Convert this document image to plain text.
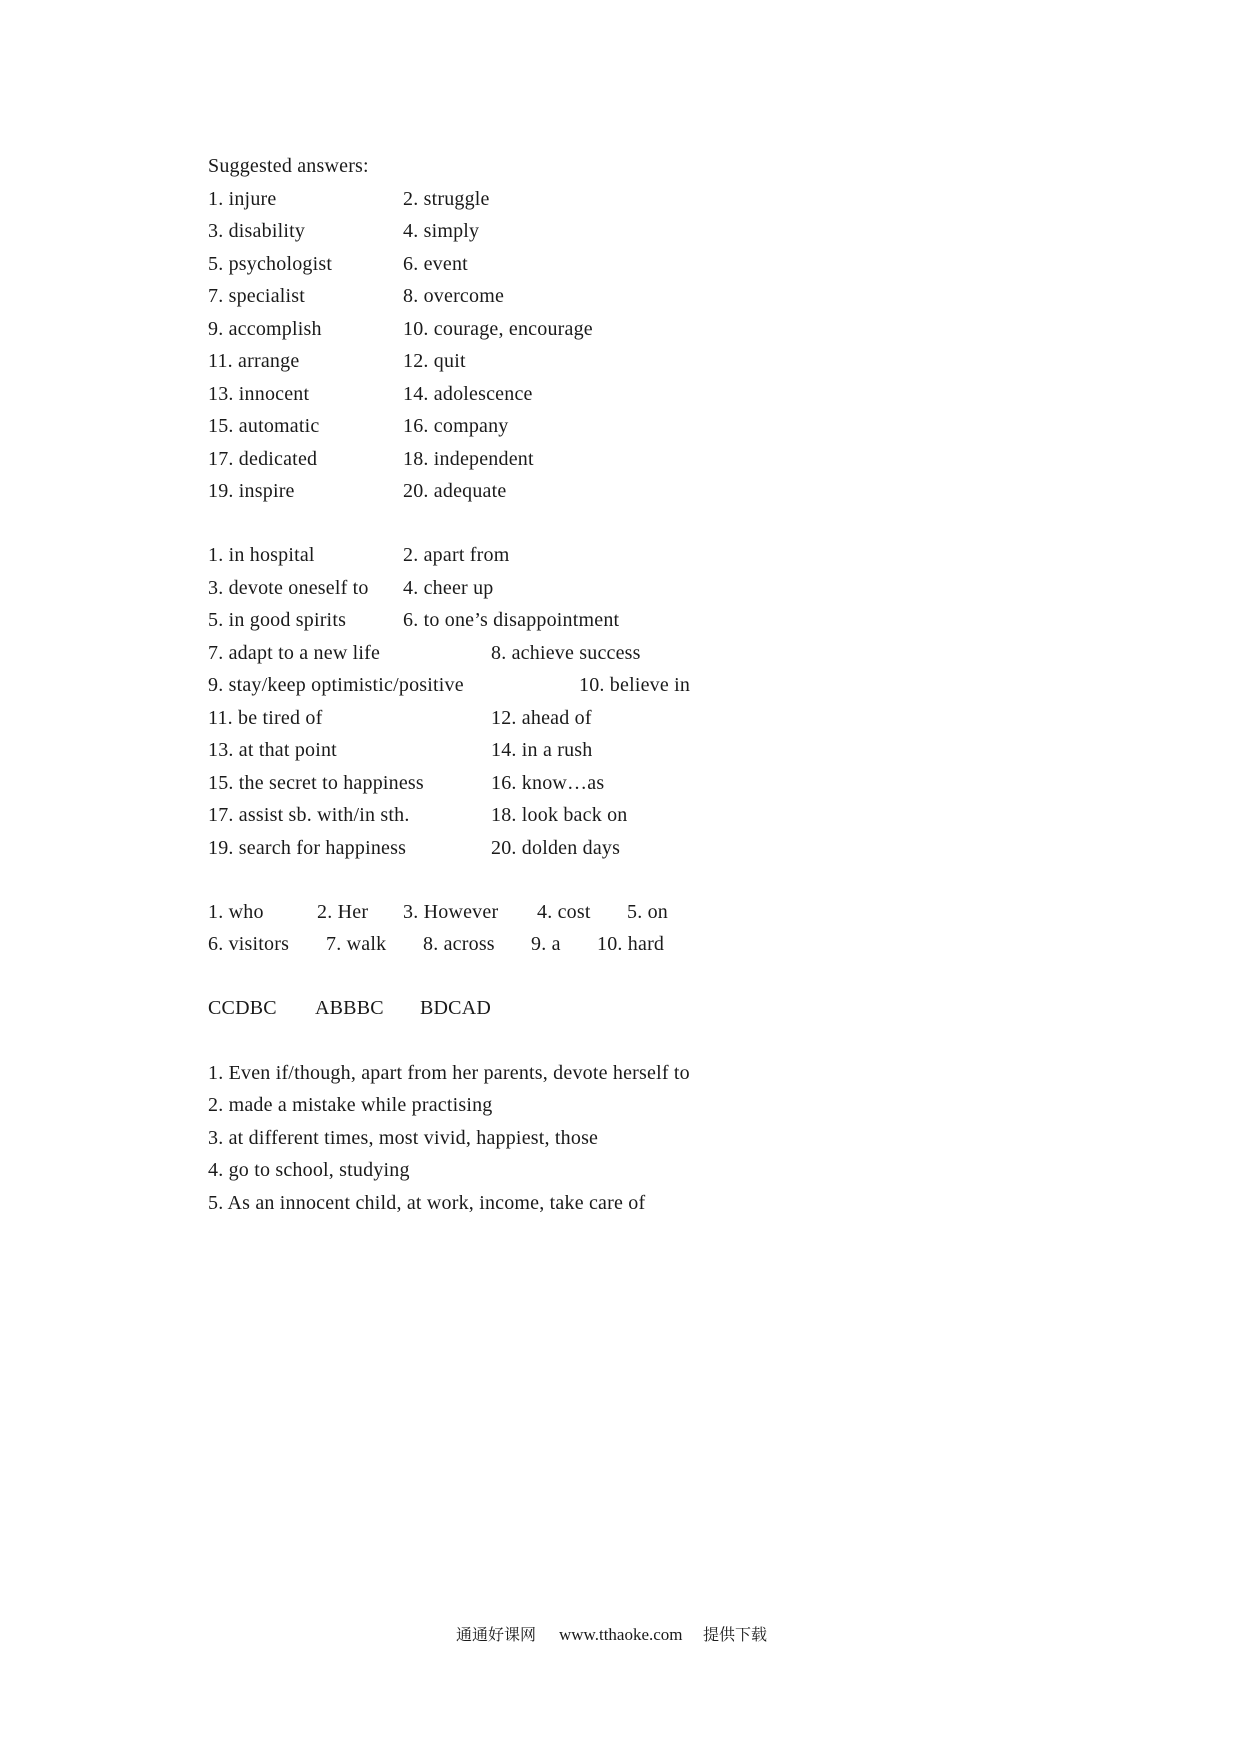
Suggested answers:
1. injure	2. struggle
3. disability	4. simply
5. psychologist	6. event
7. specialist	8. overcome
9. accomplish	10. courage, encourage
11. arrange	12. quit
13. innocent	14. adolescence
15. automatic	16. company
17. dedicated	18. independent
19. inspire	20. adequate
1. in hospital	2. apart from
3. devote oneself to 4. cheer up
5. in good spirits	6. to one’s disappointment
7. adapt to a new life	8. achieve success
9. stay/keep optimistic/positive	10. believe in
11. be tired of	12. ahead of
13. at that point	14. in a rush
15. the secret to happiness	16. know…as
17. assist sb. with/in sth.	18. look back on
19. search for happiness	20. dolden days
1. who	2. Her 3. However 4. cost 5. on
6. visitors 7. walk 8. across 9. a 10. hard
CCDBC ABBBC BDCAD
1. Even if/though, apart from her parents, devote herself to
2. made a mistake while practising
3. at different times, most vivid, happiest, those
4. go to school, studying
5. As an innocent child, at work, income, take care of
通通好课网 www.tthaoke.com 提供下载
